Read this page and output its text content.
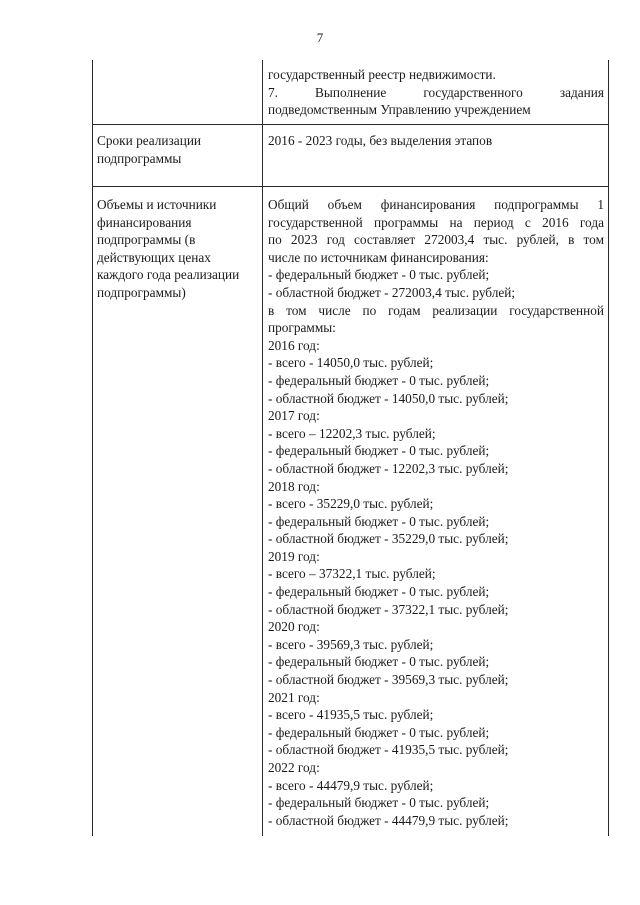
7
государственный реестр недвижимости.
7. Выполнение государственного задания
подведомственным Управлению учреждением
Сроки реализации
подпрограммы
2016 - 2023 годы, без выделения этапов
Объемы и источники
финансирования
подпрограммы (в
действующих ценах
каждого года реализации
подпрограммы)
Общий объем финансирования подпрограммы 1
государственной программы на период с 2016 года
по 2023 год составляет 272003,4 тыс. рублей, в том
числе по источникам финансирования:
- федеральный бюджет - 0 тыс. рублей;
- областной бюджет - 272003,4 тыс. рублей;
в том числе по годам реализации государственной
программы:
2016 год:
- всего - 14050,0 тыс. рублей;
- федеральный бюджет - 0 тыс. рублей;
- областной бюджет - 14050,0 тыс. рублей;
2017 год:
- всего – 12202,3 тыс. рублей;
- федеральный бюджет - 0 тыс. рублей;
- областной бюджет - 12202,3 тыс. рублей;
2018 год:
- всего - 35229,0 тыс. рублей;
- федеральный бюджет - 0 тыс. рублей;
- областной бюджет - 35229,0 тыс. рублей;
2019 год:
- всего – 37322,1 тыс. рублей;
- федеральный бюджет - 0 тыс. рублей;
- областной бюджет - 37322,1 тыс. рублей;
2020 год:
- всего - 39569,3 тыс. рублей;
- федеральный бюджет - 0 тыс. рублей;
- областной бюджет - 39569,3 тыс. рублей;
2021 год:
- всего - 41935,5 тыс. рублей;
- федеральный бюджет - 0 тыс. рублей;
- областной бюджет - 41935,5 тыс. рублей;
2022 год:
- всего - 44479,9 тыс. рублей;
- федеральный бюджет - 0 тыс. рублей;
- областной бюджет - 44479,9 тыс. рублей;
